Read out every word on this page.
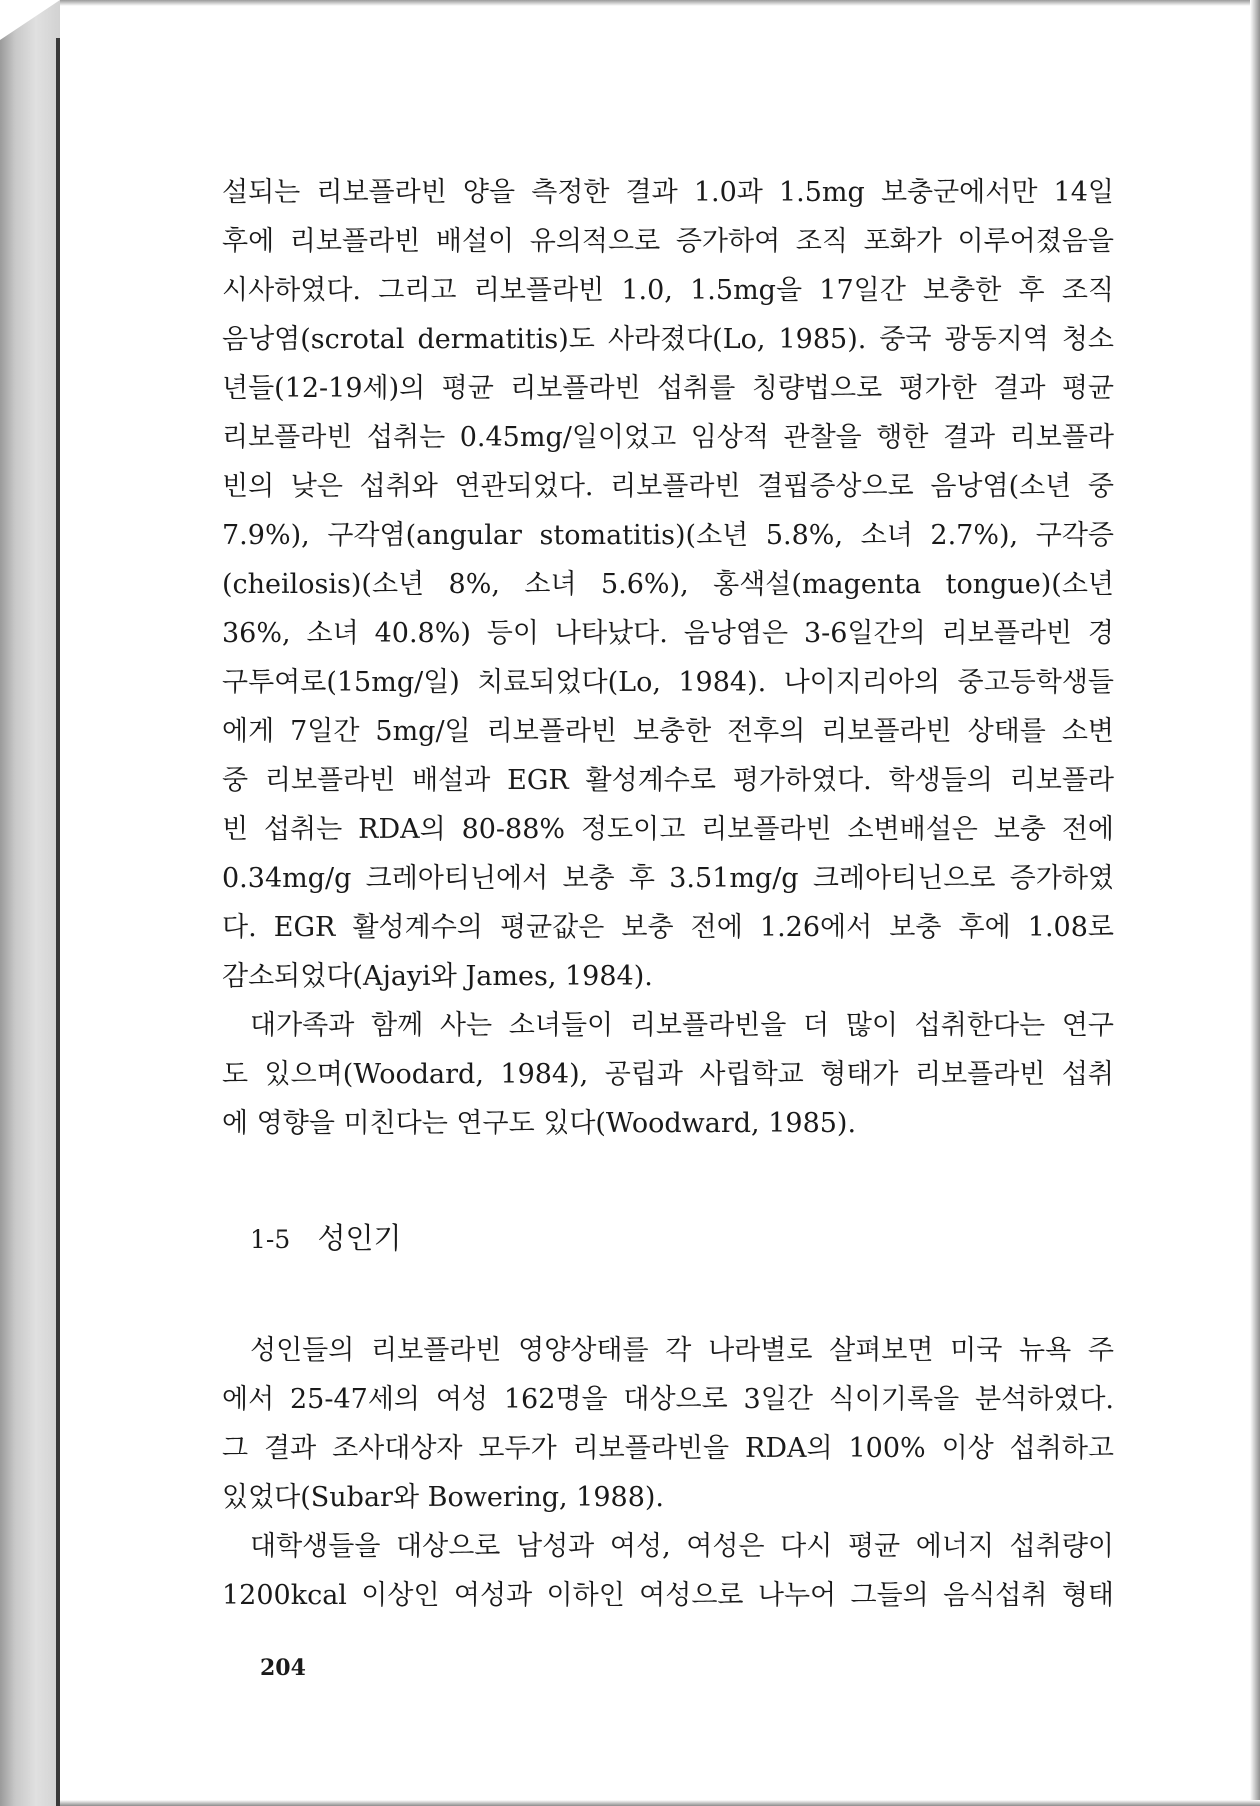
설되는 리보플라빈 양을 측정한 결과 1.0과 1.5mg 보충군에서만 14일

후에 리보플라빈 배설이 유의적으로 증가하여 조직 포화가 이루어졌음을

시사하였다. 그리고 리보플라빈 1.0, 1.5mg을 17일간 보충한 후 조직

음낭염(scrotal dermatitis)도 사라졌다(Lo, 1985). 중국 광동지역 청소

년들(12-19세)의 평균 리보플라빈 섭취를 칭량법으로 평가한 결과 평균

리보플라빈 섭취는 0.45mg/일이었고 임상적 관찰을 행한 결과 리보플라

빈의 낮은 섭취와 연관되었다. 리보플라빈 결핍증상으로 음낭염(소년 중

7.9%), 구각염(angular stomatitis)(소년 5.8%, 소녀 2.7%), 구각증

(cheilosis)(소년 8%, 소녀 5.6%), 홍색설(magenta tongue)(소년

36%, 소녀 40.8%) 등이 나타났다. 음낭염은 3-6일간의 리보플라빈 경

구투여로(15mg/일) 치료되었다(Lo, 1984). 나이지리아의 중고등학생들

에게 7일간 5mg/일 리보플라빈 보충한 전후의 리보플라빈 상태를 소변

중 리보플라빈 배설과 EGR 활성계수로 평가하였다. 학생들의 리보플라

빈 섭취는 RDA의 80-88% 정도이고 리보플라빈 소변배설은 보충 전에

0.34mg/g 크레아티닌에서 보충 후 3.51mg/g 크레아티닌으로 증가하였

다. EGR 활성계수의 평균값은 보충 전에 1.26에서 보충 후에 1.08로

감소되었다(Ajayi와 James, 1984).

대가족과 함께 사는 소녀들이 리보플라빈을 더 많이 섭취한다는 연구

도 있으며(Woodard, 1984), 공립과 사립학교 형태가 리보플라빈 섭취

에 영향을 미친다는 연구도 있다(Woodward, 1985).

1-5 성인기

성인들의 리보플라빈 영양상태를 각 나라별로 살펴보면 미국 뉴욕 주

에서 25-47세의 여성 162명을 대상으로 3일간 식이기록을 분석하였다.

그 결과 조사대상자 모두가 리보플라빈을 RDA의 100% 이상 섭취하고

있었다(Subar와 Bowering, 1988).

대학생들을 대상으로 남성과 여성, 여성은 다시 평균 에너지 섭취량이

1200kcal 이상인 여성과 이하인 여성으로 나누어 그들의 음식섭취 형태

204
